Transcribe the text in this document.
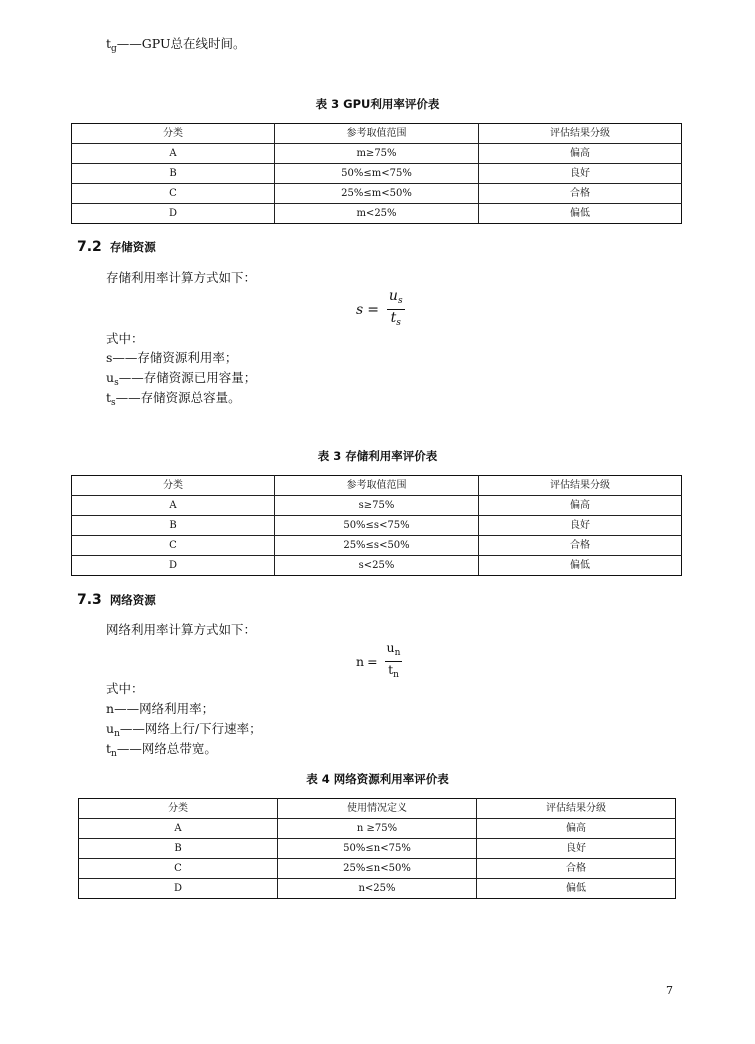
$t_g——GPU$总在线时间。
表 3 GPU利用率评价表
分类	参考取值范围	评估结果分级
A	m≥75%	偏高
B	50%≤m<75%	良好
C	25%≤m<50%	合格
D	m<25%	偏低
7.2 存储资源
存储利用率计算方式如下：
$s = \frac{u_s}{t_s}$
式中：
s——存储资源利用率；
$u_s——$存储资源已用容量；
$t_s——$存储资源总容量。
表 3 存储利用率评价表
分类	参考取值范围	评估结果分级
A	s≥75%	偏高
B	50%≤s<75%	良好
C	25%≤s<50%	合格
D	s<25%	偏低
7.3 网络资源
网络利用率计算方式如下：
$n = \frac{u_n}{t_n}$
式中：
n——网络利用率；
$u_n——$网络上行/下行速率；
$t_n——$网络总带宽。
表 4 网络资源利用率评价表
分类	使用情况定义	评估结果分级
A	n ≥75%	偏高
B	50%≤n<75%	良好
C	25%≤n<50%	合格
D	n<25%	偏低
7
